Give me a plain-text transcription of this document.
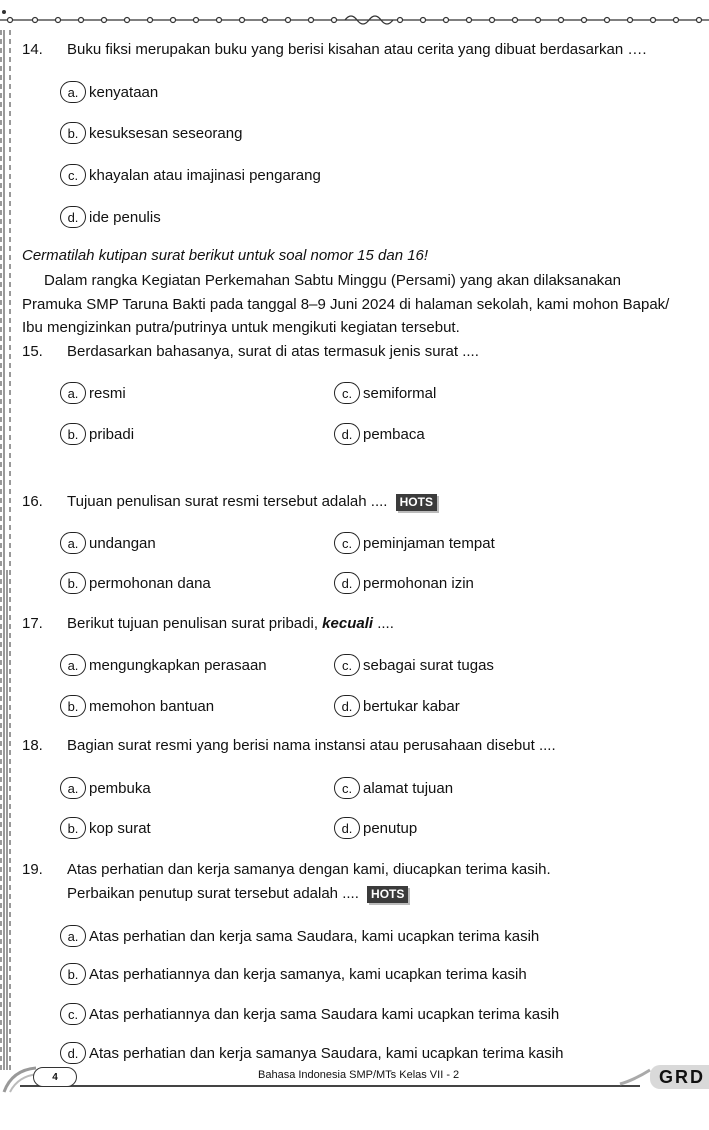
14. Buku fiksi merupakan buku yang berisi kisahan atau cerita yang dibuat berdasarkan ….
a. kenyataan
b. kesuksesan seseorang
c. khayalan atau imajinasi pengarang
d. ide penulis
Cermatilah kutipan surat berikut untuk soal nomor 15 dan 16!
Dalam rangka Kegiatan Perkemahan Sabtu Minggu (Persami) yang akan dilaksanakan
Pramuka SMP Taruna Bakti pada tanggal 8–9 Juni 2024 di halaman sekolah, kami mohon Bapak/
Ibu mengizinkan putra/putrinya untuk mengikuti kegiatan tersebut.
15. Berdasarkan bahasanya, surat di atas termasuk jenis surat ....
a. resmi
b. pribadi
c. semiformal
d. pembaca
16. Tujuan penulisan surat resmi tersebut adalah .... HOTS
a. undangan
b. permohonan dana
c. peminjaman tempat
d. permohonan izin
17. Berikut tujuan penulisan surat pribadi, kecuali ....
a. mengungkapkan perasaan
b. memohon bantuan
c. sebagai surat tugas
d. bertukar kabar
18. Bagian surat resmi yang berisi nama instansi atau perusahaan disebut ....
a. pembuka
b. kop surat
c. alamat tujuan
d. penutup
19. Atas perhatian dan kerja samanya dengan kami, diucapkan terima kasih.
Perbaikan penutup surat tersebut adalah .... HOTS
a. Atas perhatian dan kerja sama Saudara, kami ucapkan terima kasih
b. Atas perhatiannya dan kerja samanya, kami ucapkan terima kasih
c. Atas perhatiannya dan kerja sama Saudara kami ucapkan terima kasih
d. Atas perhatian dan kerja samanya Saudara, kami ucapkan terima kasih
4	Bahasa Indonesia SMP/MTs Kelas VII - 2	GRD
